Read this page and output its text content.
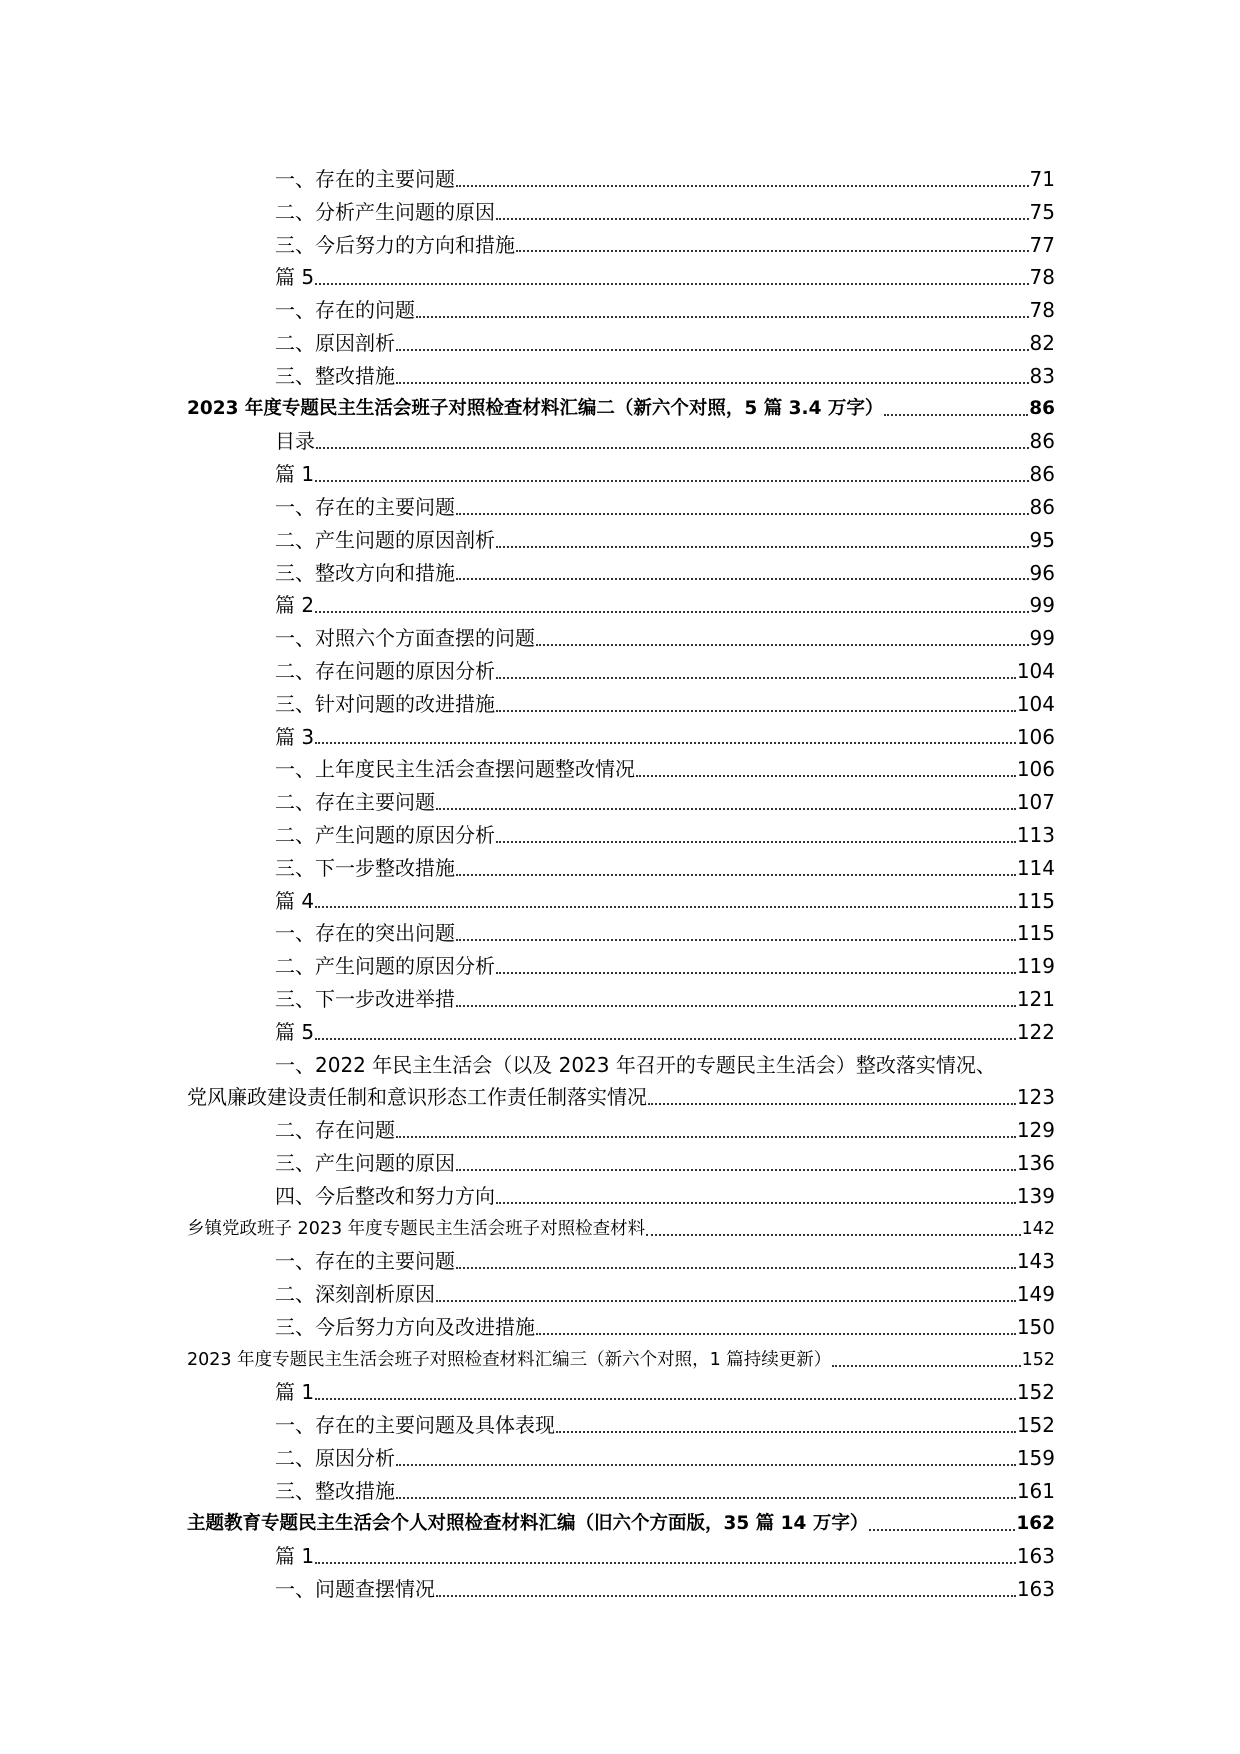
一、存在的主要问题	71
二、分析产生问题的原因	75
三、今后努力的方向和措施	77
篇 5	78
一、存在的问题	78
二、原因剖析	82
三、整改措施	83
2023 年度专题民主生活会班子对照检查材料汇编二（新六个对照，5 篇 3.4 万字）	86
目录	86
篇 1	86
一、存在的主要问题	86
二、产生问题的原因剖析	95
三、整改方向和措施	96
篇 2	99
一、对照六个方面查摆的问题	99
二、存在问题的原因分析	104
三、针对问题的改进措施	104
篇 3	106
一、上年度民主生活会查摆问题整改情况	106
二、存在主要问题	107
二、产生问题的原因分析	113
三、下一步整改措施	114
篇 4	115
一、存在的突出问题	115
二、产生问题的原因分析	119
三、下一步改进举措	121
篇 5	122
一、2022 年民主生活会（以及 2023 年召开的专题民主生活会）整改落实情况、
党风廉政建设责任制和意识形态工作责任制落实情况	123
二、存在问题	129
三、产生问题的原因	136
四、今后整改和努力方向	139
乡镇党政班子 2023 年度专题民主生活会班子对照检查材料	142
一、存在的主要问题	143
二、深刻剖析原因	149
三、今后努力方向及改进措施	150
2023 年度专题民主生活会班子对照检查材料汇编三（新六个对照，1 篇持续更新）	152
篇 1	152
一、存在的主要问题及具体表现	152
二、原因分析	159
三、整改措施	161
主题教育专题民主生活会个人对照检查材料汇编（旧六个方面版，35 篇 14 万字）	162
篇 1	163
一、问题查摆情况	163
